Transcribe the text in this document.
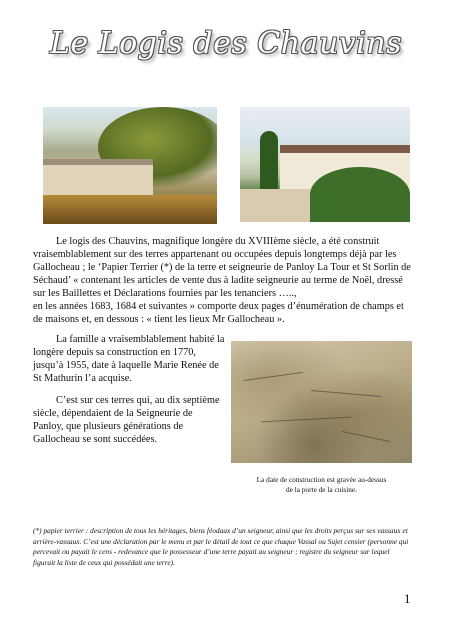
Le Logis des Chauvins

Le logis des Chauvins, magnifique longère du XVIIIème siècle, a été construit vraisemblablement sur des terres appartenant ou occupées depuis longtemps déjà par les Gallocheau ; le ‘Papier Terrier (*) de la terre et seigneurie de Panloy La Tour et St Sorlin de Séchaud’ « contenant les articles de vente dus à ladite seigneurie au terme de Noël, dressé sur les Baillettes et Déclarations fournies par les tenanciers …..,
en les années 1683, 1684 et suivantes » comporte deux pages d’énumération de champs et de maisons et, en dessous : « tient les lieux Mr Gallocheau ».

La famille a vraisemblablement habité la longère depuis sa construction en 1770, jusqu’à 1955, date à laquelle Marie Renée de St Mathurin l’a acquise.

C’est sur ces terres qui, au dix septième siècle, dépendaient de la Seigneurie de Panloy, que plusieurs générations de Gallocheau se sont succédées.

La date de construction est gravée au-dessus
de la porte de la cuisine.

(*) papier terrier : description de tous les héritages, biens féodaux d’un seigneur, ainsi que les droits perçus sur ses vassaux et arrière-vassaux. C’est une déclaration par le menu et par le détail de tout ce que chaque Vassal ou Sujet censier (personne qui percevait ou payait le cens - redevance que le possesseur d’une terre payait au seigneur ; registre du seigneur sur lequel figurait la liste de ceux qui possédait une terre).

1
